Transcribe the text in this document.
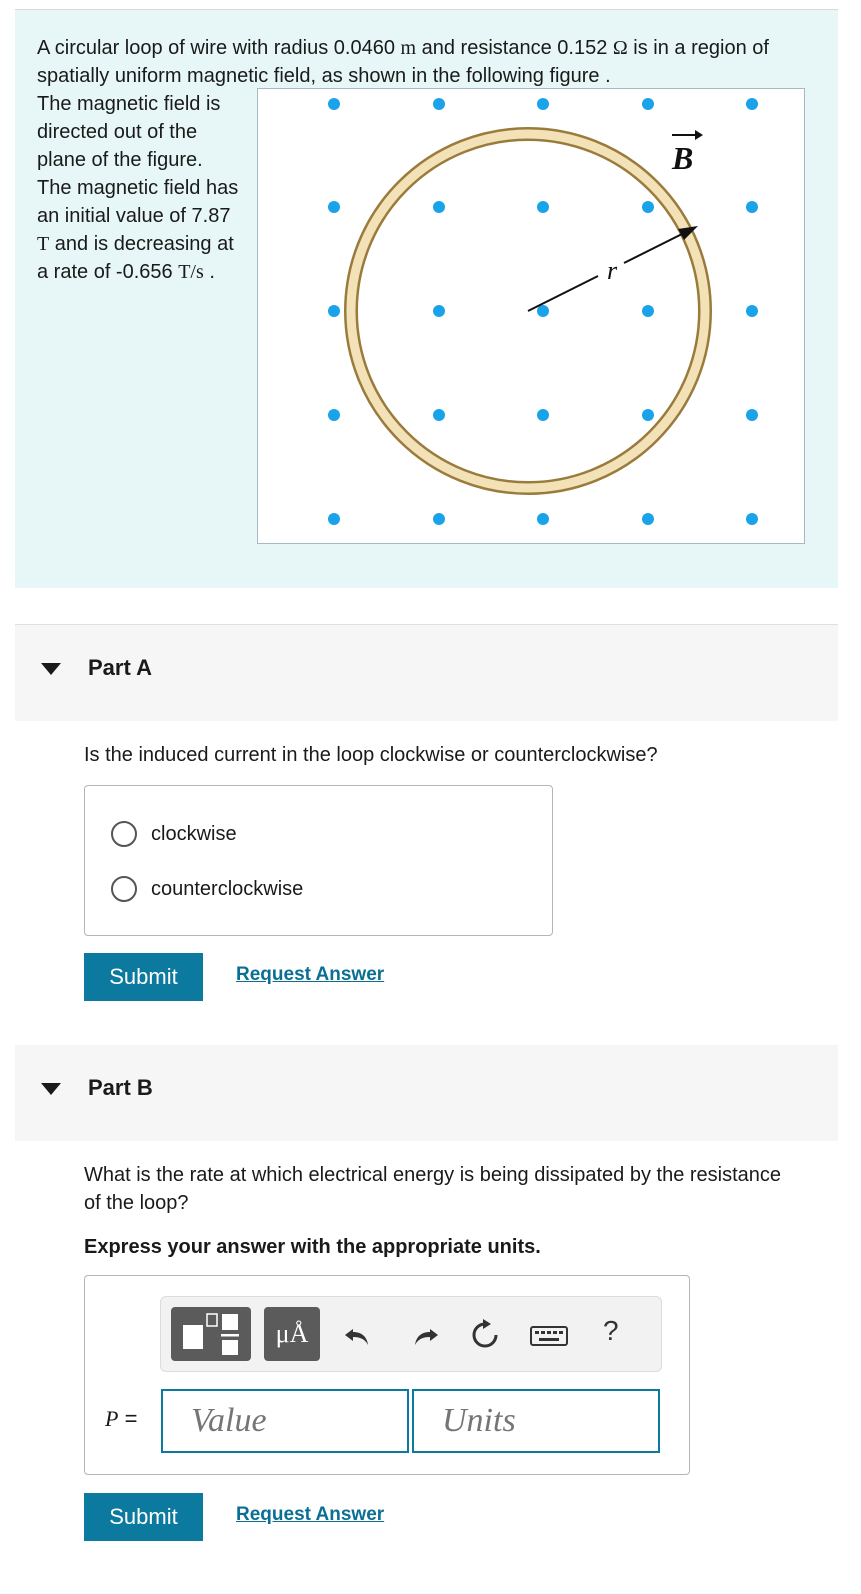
A circular loop of wire with radius 0.0460 m and resistance 0.152 Ω is in a region of spatially uniform magnetic field, as shown in the following figure .
The magnetic field is directed out of the plane of the figure. The magnetic field has an initial value of 7.87 T and is decreasing at a rate of -0.656 T/s .	r
B
Part A
Is the induced current in the loop clockwise or counterclockwise?
clockwise
counterclockwise
Submit	Request Answer
Part B
What is the rate at which electrical energy is being dissipated by the resistance of the loop?
Express your answer with the appropriate units.
μÅ	?
P =
Value
Units
Submit	Request Answer
